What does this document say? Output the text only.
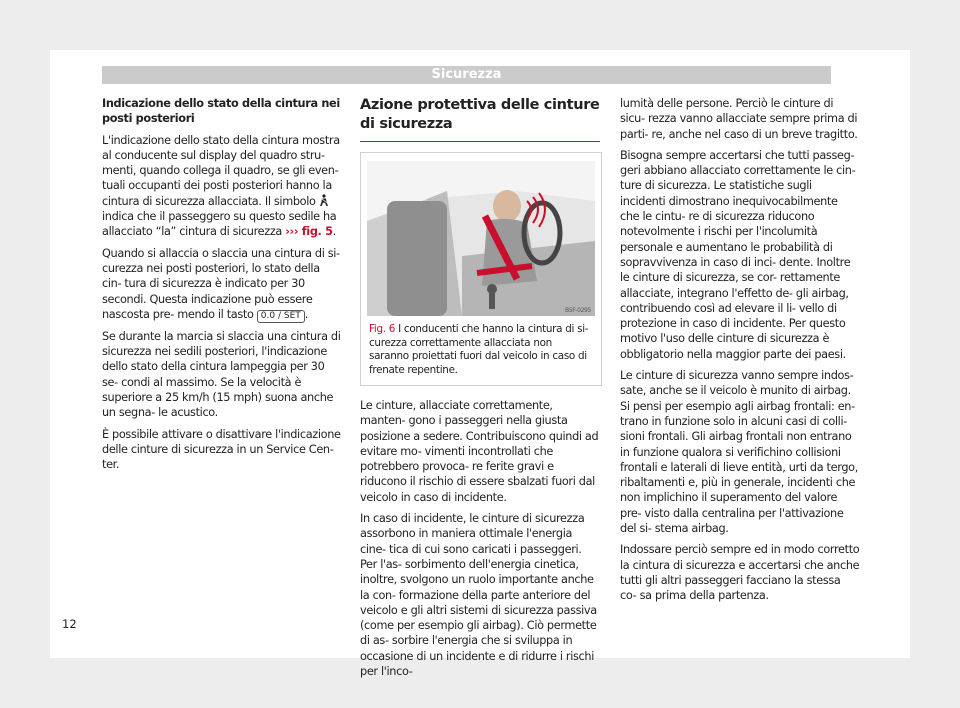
Sicurezza

Indicazione dello stato della cintura nei posti posteriori

L'indicazione dello stato della cintura mostra al conducente sul display del quadro stru- menti, quando collega il quadro, se gli even- tuali occupanti dei posti posteriori hanno la cintura di sicurezza allacciata. Il simbolo  indica che il passeggero su questo sedile ha allacciato “la” cintura di sicurezza ››› fig. 5.

Quando si allaccia o slaccia una cintura di si- curezza nei posti posteriori, lo stato della cin- tura di sicurezza è indicato per 30 secondi. Questa indicazione può essere nascosta pre- mendo il tasto 0.0 / SET .

Se durante la marcia si slaccia una cintura di sicurezza nei sedili posteriori, l'indicazione dello stato della cintura lampeggia per 30 se- condi al massimo. Se la velocità è superiore a 25 km/h (15 mph) suona anche un segna- le acustico.

È possibile attivare o disattivare l'indicazione delle cinture di sicurezza in un Service Cen- ter.

Azione protettiva delle cinture di sicurezza
B5F-0295
Fig. 6 I conducenti che hanno la cintura di si- curezza correttamente allacciata non saranno proiettati fuori dal veicolo in caso di frenate repentine.

Le cinture, allacciate correttamente, manten- gono i passeggeri nella giusta posizione a sedere. Contribuiscono quindi ad evitare mo- vimenti incontrollati che potrebbero provoca- re ferite gravi e riducono il rischio di essere sbalzati fuori dal veicolo in caso di incidente.

In caso di incidente, le cinture di sicurezza assorbono in maniera ottimale l'energia cine- tica di cui sono caricati i passeggeri. Per l'as- sorbimento dell'energia cinetica, inoltre, svolgono un ruolo importante anche la con- formazione della parte anteriore del veicolo e gli altri sistemi di sicurezza passiva (come per esempio gli airbag). Ciò permette di as- sorbire l'energia che si sviluppa in occasione di un incidente e di ridurre i rischi per l'inco-

lumità delle persone. Perciò le cinture di sicu- rezza vanno allacciate sempre prima di parti- re, anche nel caso di un breve tragitto.

Bisogna sempre accertarsi che tutti passeg- geri abbiano allacciato correttamente le cin- ture di sicurezza. Le statistiche sugli incidenti dimostrano inequivocabilmente che le cintu- re di sicurezza riducono notevolmente i rischi per l'incolumità personale e aumentano le probabilità di sopravvivenza in caso di inci- dente. Inoltre le cinture di sicurezza, se cor- rettamente allacciate, integrano l'effetto de- gli airbag, contribuendo così ad elevare il li- vello di protezione in caso di incidente. Per questo motivo l'uso delle cinture di sicurezza è obbligatorio nella maggior parte dei paesi.

Le cinture di sicurezza vanno sempre indos- sate, anche se il veicolo è munito di airbag. Si pensi per esempio agli airbag frontali: en- trano in funzione solo in alcuni casi di colli- sioni frontali. Gli airbag frontali non entrano in funzione qualora si verifichino collisioni frontali e laterali di lieve entità, urti da tergo, ribaltamenti e, più in generale, incidenti che non implichino il superamento del valore pre- visto dalla centralina per l'attivazione del si- stema airbag.

Indossare perciò sempre ed in modo corretto la cintura di sicurezza e accertarsi che anche tutti gli altri passeggeri facciano la stessa co- sa prima della partenza.

12
